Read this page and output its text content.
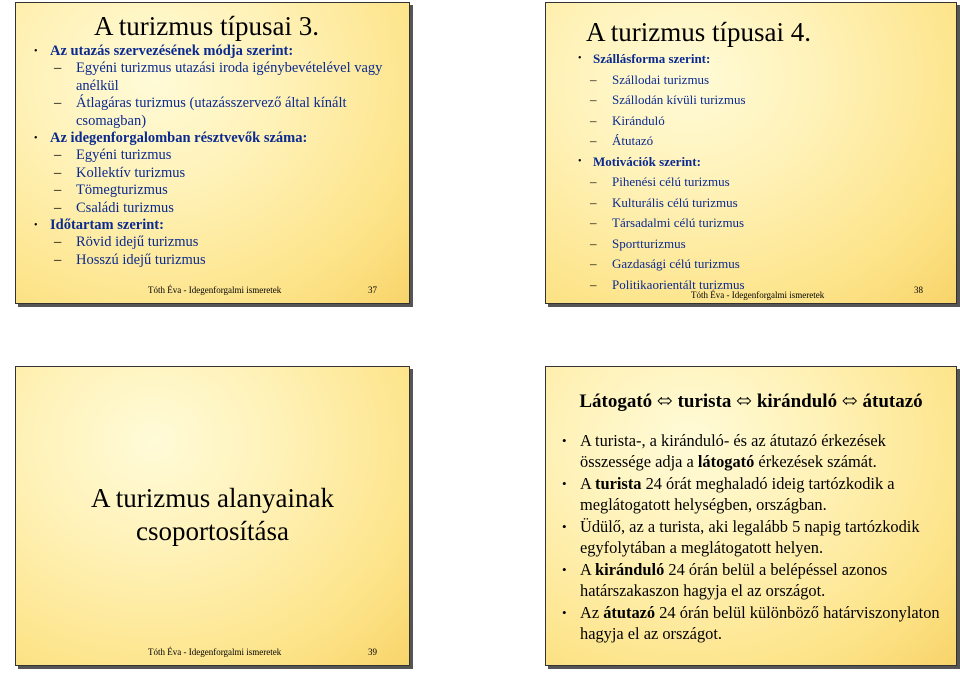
A turizmus típusai 3.
• Az utazás szervezésének módja szerint:
– Egyéni turizmus utazási iroda igénybevételével vagy anélkül
– Átlagáras turizmus (utazásszervező által kínált csomagban)
• Az idegenforgalomban résztvevők száma:
– Egyéni turizmus
– Kollektív turizmus
– Tömegturizmus
– Családi turizmus
• Időtartam szerint:
– Rövid idejű turizmus
– Hosszú idejű turizmus
Tóth Éva - Idegenforgalmi ismeretek	37
A turizmus típusai 4.
• Szállásforma szerint:
– Szállodai turizmus
– Szállodán kívüli turizmus
– Kiránduló
– Átutazó
• Motivációk szerint:
– Pihenési célú turizmus
– Kulturális célú turizmus
– Társadalmi célú turizmus
– Sportturizmus
– Gazdasági célú turizmus
– Politikaorientált turizmus
Tóth Éva - Idegenforgalmi ismeretek	38
A turizmus alanyainak
csoportosítása
Tóth Éva - Idegenforgalmi ismeretek	39
Látogató ⬄ turista ⬄ kiránduló ⬄ átutazó
• A turista-, a kiránduló- és az átutazó érkezések összessége adja a látogató érkezések számát.
• A turista 24 órát meghaladó ideig tartózkodik a meglátogatott helységben, országban.
• Üdülő, az a turista, aki legalább 5 napig tartózkodik egyfolytában a meglátogatott helyen.
• A kiránduló 24 órán belül a belépéssel azonos határszakaszon hagyja el az országot.
• Az átutazó 24 órán belül különböző határviszonylaton hagyja el az országot.
